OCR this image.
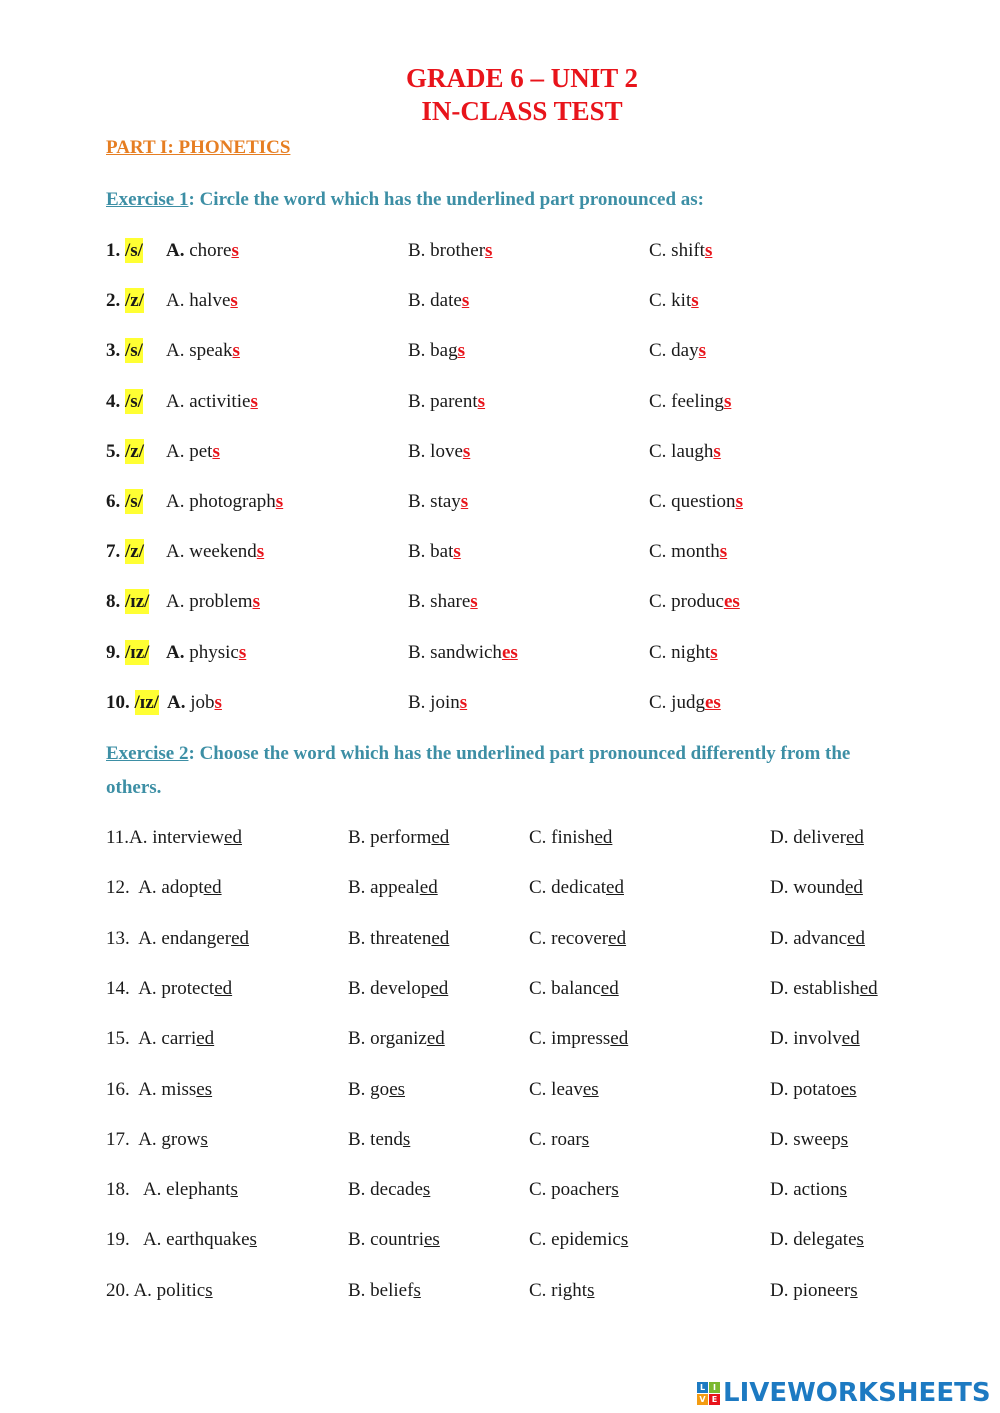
GRADE 6 – UNIT 2
IN-CLASS TEST
PART I: PHONETICS
Exercise 1: Circle the word which has the underlined part pronounced as:
1. /s/ A. chores	B. brothers	C. shifts
2. /z/ A. halves	B. dates	C. kits
3. /s/ A. speaks	B. bags	C. days
4. /s/ A. activities	B. parents	C. feelings
5. /z/ A. pets	B. loves	C. laughs
6. /s/ A. photographs	B. stays	C. questions
7. /z/ A. weekends	B. bats	C. months
8. /ɪz/ A. problems	B. shares	C. produces
9. /ɪz/ A. physics	B. sandwiches	C. nights
10. /ɪz/ A. jobs	B. joins	C. judges
Exercise 2: Choose the word which has the underlined part pronounced differently from the
others.
11.A. interviewed	B. performed	C. finished	D. delivered
12.  A. adopted	B. appealed	C. dedicated	D. wounded
13.  A. endangered	B. threatened	C. recovered	D. advanced
14.  A. protected	B. developed	C. balanced	D. established
15.  A. carried	B. organized	C. impressed	D. involved
16.  A. misses	B. goes	C. leaves	D. potatoes
17.  A. grows	B. tends	C. roars	D. sweeps
18.   A. elephants	B. decades	C. poachers	D. actions
19.   A. earthquakes	B. countries	C. epidemics	D. delegates
20. A. politics	B. beliefs	C. rights	D. pioneers
L I
V E LIVEWORKSHEETS
